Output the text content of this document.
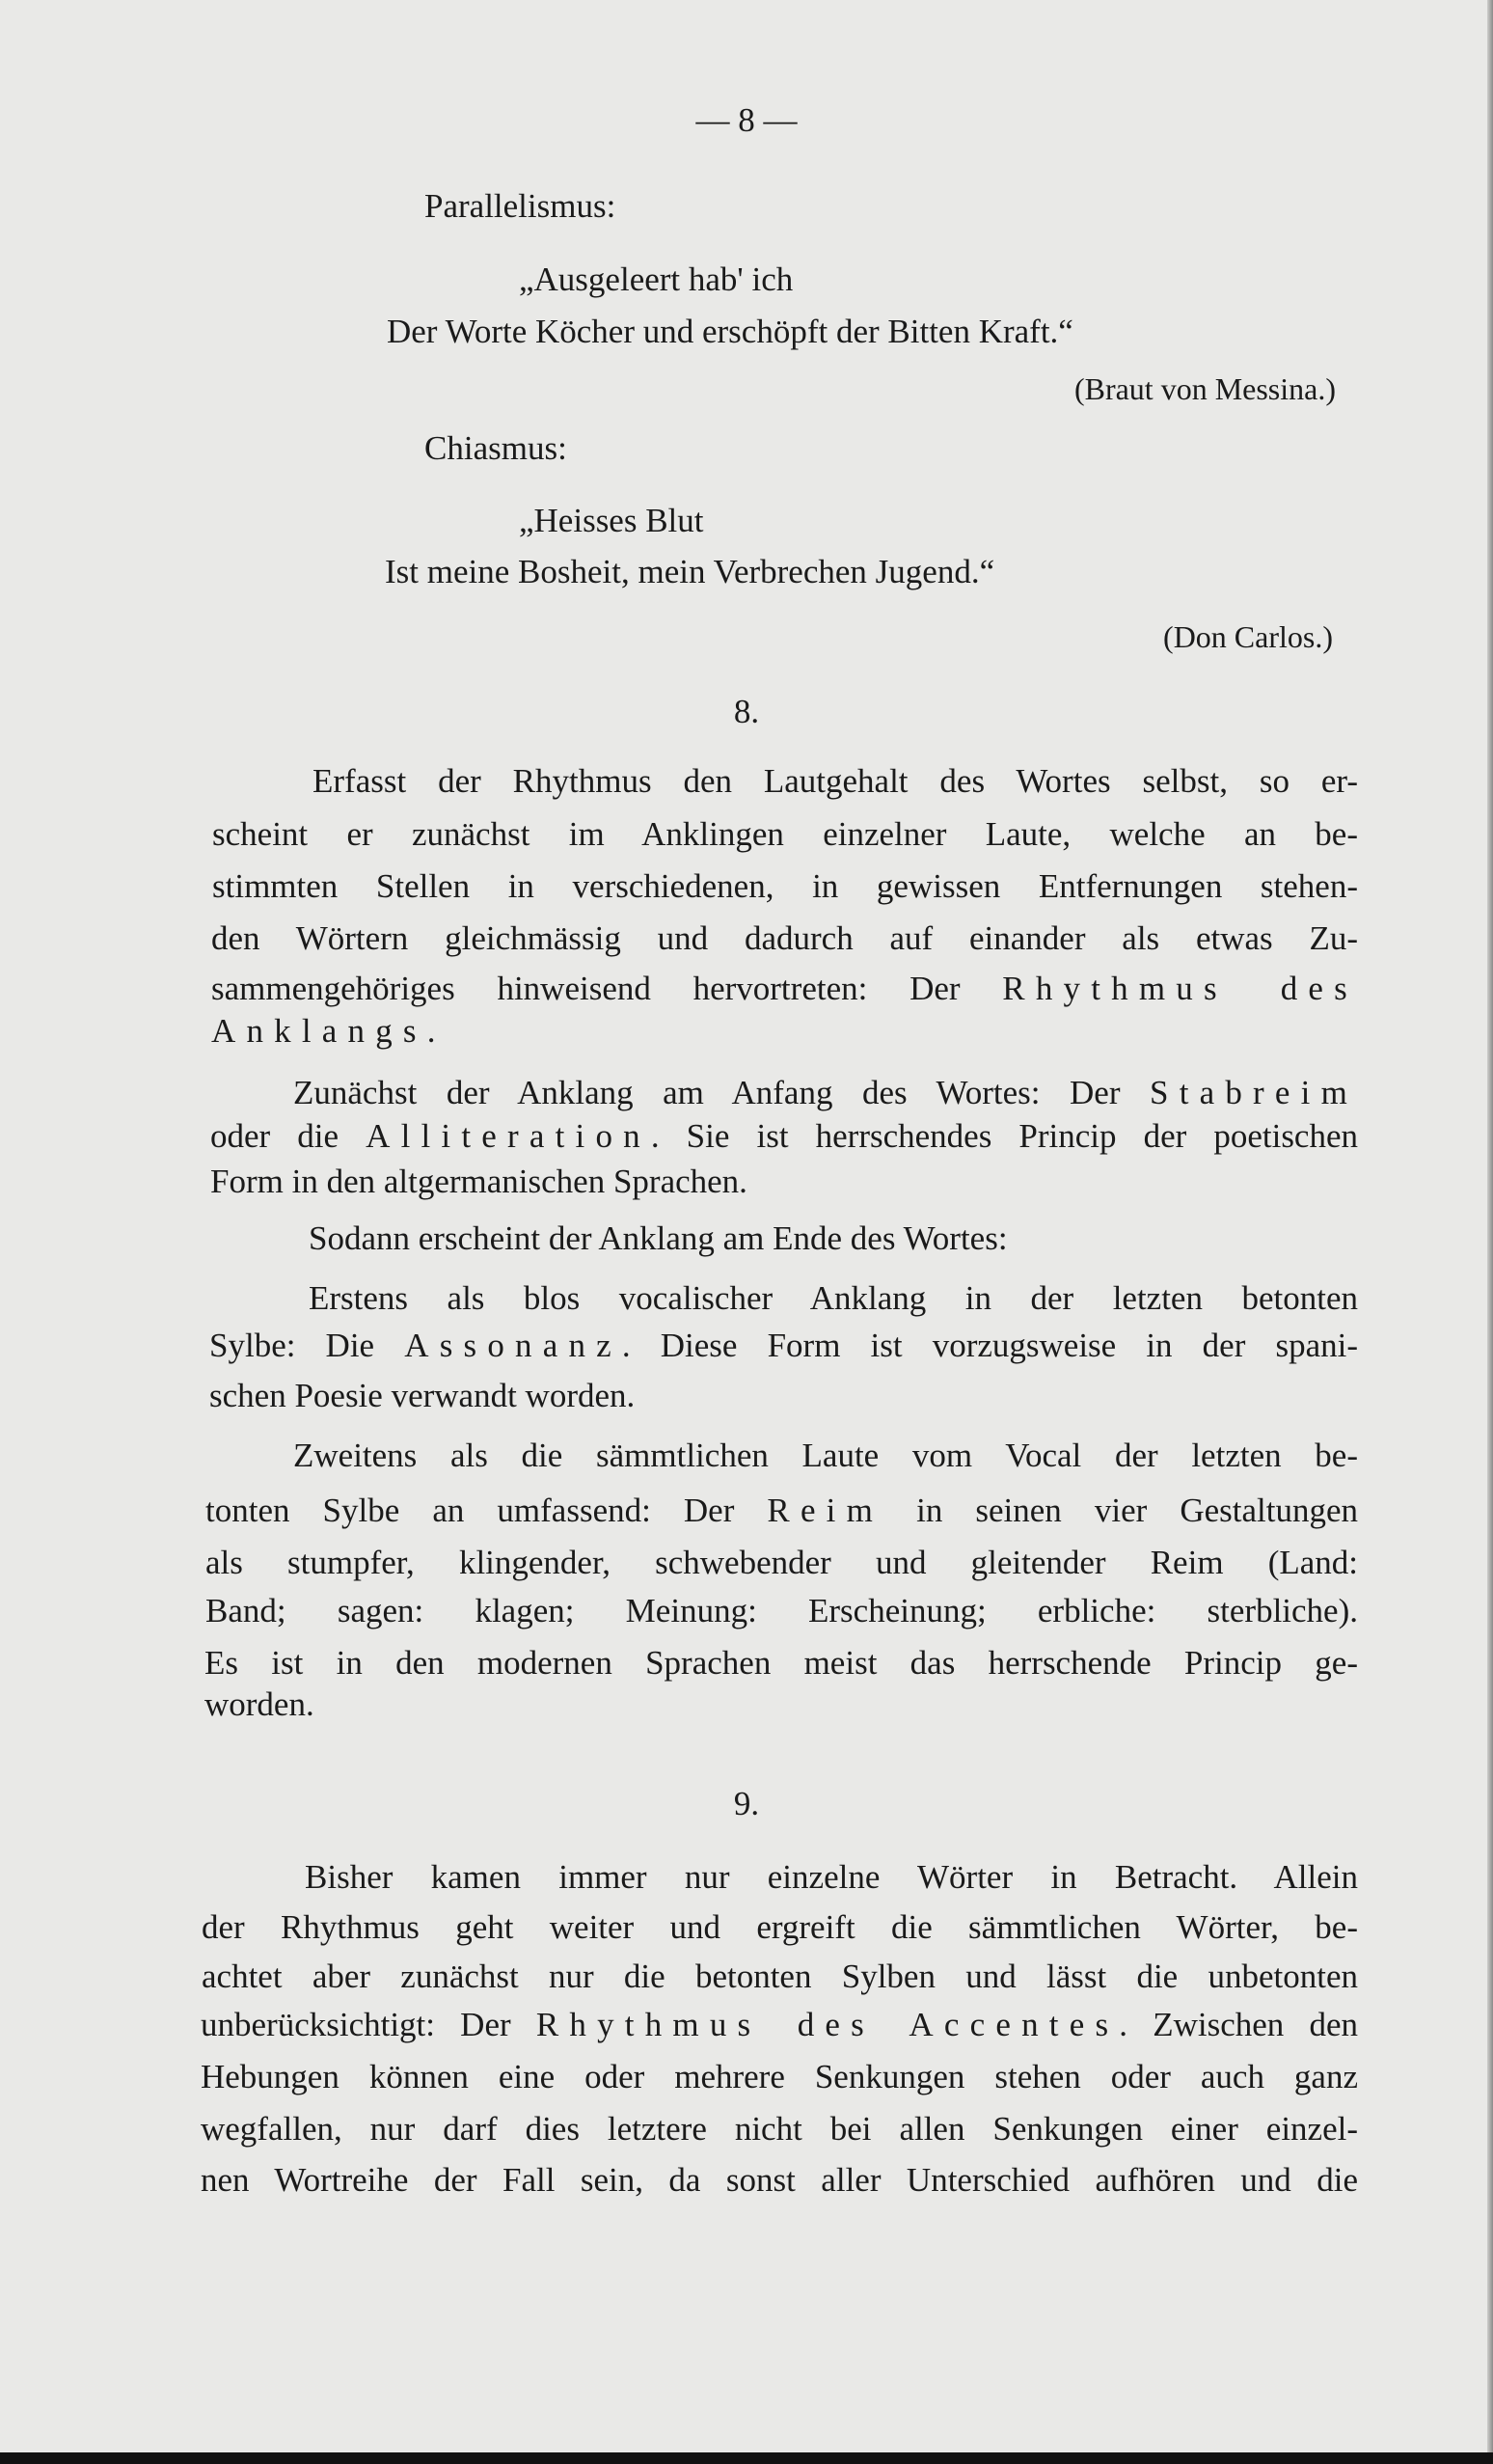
— 8 —
Parallelismus:
„Ausgeleert hab' ich
Der Worte Köcher und erschöpft der Bitten Kraft.“
(Braut von Messina.)
Chiasmus:
„Heisses Blut
Ist meine Bosheit, mein Verbrechen Jugend.“
(Don Carlos.)
8.
9.
Erfasst der Rhythmus den Lautgehalt des Wortes selbst, so er-
scheint er zunächst im Anklingen einzelner Laute, welche an be-
stimmten Stellen in verschiedenen, in gewissen Entfernungen stehen-
den Wörtern gleichmässig und dadurch auf einander als etwas Zu-
sammengehöriges hinweisend hervortreten: Der Rhythmus des
Anklangs.
Zunächst der Anklang am Anfang des Wortes: Der Stabreim
oder die Alliteration. Sie ist herrschendes Princip der poetischen
Form in den altgermanischen Sprachen.
Sodann erscheint der Anklang am Ende des Wortes:
Erstens als blos vocalischer Anklang in der letzten betonten
Sylbe: Die Assonanz. Diese Form ist vorzugsweise in der spani-
schen Poesie verwandt worden.
Zweitens als die sämmtlichen Laute vom Vocal der letzten be-
tonten Sylbe an umfassend: Der Reim in seinen vier Gestaltungen
als stumpfer, klingender, schwebender und gleitender Reim (Land:
Band; sagen: klagen; Meinung: Erscheinung; erbliche: sterbliche).
Es ist in den modernen Sprachen meist das herrschende Princip ge-
worden.
Bisher kamen immer nur einzelne Wörter in Betracht. Allein
der Rhythmus geht weiter und ergreift die sämmtlichen Wörter, be-
achtet aber zunächst nur die betonten Sylben und lässt die unbetonten
unberücksichtigt: Der Rhythmus des Accentes. Zwischen den
Hebungen können eine oder mehrere Senkungen stehen oder auch ganz
wegfallen, nur darf dies letztere nicht bei allen Senkungen einer einzel-
nen Wortreihe der Fall sein, da sonst aller Unterschied aufhören und die
